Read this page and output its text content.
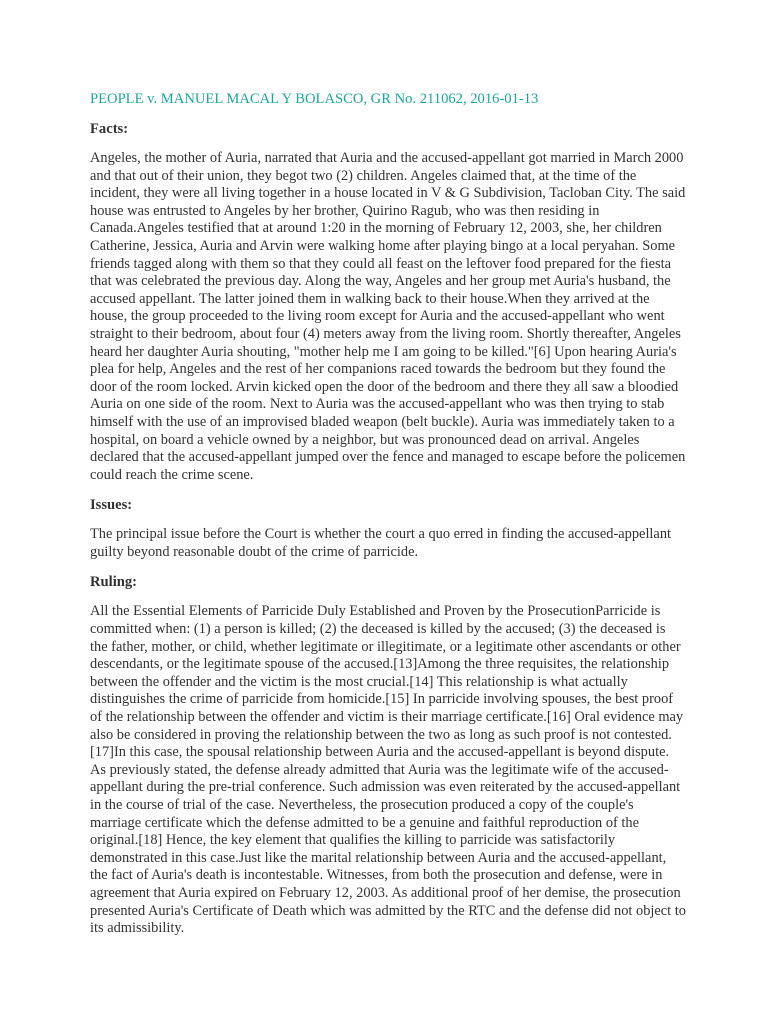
PEOPLE v. MANUEL MACAL Y BOLASCO, GR No. 211062, 2016-01-13
Facts:
Angeles, the mother of Auria, narrated that Auria and the accused-appellant got married in March 2000 and that out of their union, they begot two (2) children. Angeles claimed that, at the time of the incident, they were all living together in a house located in V & G Subdivision, Tacloban City. The said house was entrusted to Angeles by her brother, Quirino Ragub, who was then residing in Canada.Angeles testified that at around 1:20 in the morning of February 12, 2003, she, her children Catherine, Jessica, Auria and Arvin were walking home after playing bingo at a local peryahan. Some friends tagged along with them so that they could all feast on the leftover food prepared for the fiesta that was celebrated the previous day. Along the way, Angeles and her group met Auria's husband, the accused appellant. The latter joined them in walking back to their house.When they arrived at the house, the group proceeded to the living room except for Auria and the accused-appellant who went straight to their bedroom, about four (4) meters away from the living room. Shortly thereafter, Angeles heard her daughter Auria shouting, "mother help me I am going to be killed."[6] Upon hearing Auria's plea for help, Angeles and the rest of her companions raced towards the bedroom but they found the door of the room locked. Arvin kicked open the door of the bedroom and there they all saw a bloodied Auria on one side of the room. Next to Auria was the accused-appellant who was then trying to stab himself with the use of an improvised bladed weapon (belt buckle). Auria was immediately taken to a hospital, on board a vehicle owned by a neighbor, but was pronounced dead on arrival. Angeles declared that the accused-appellant jumped over the fence and managed to escape before the policemen could reach the crime scene.
Issues:
The principal issue before the Court is whether the court a quo erred in finding the accused-appellant guilty beyond reasonable doubt of the crime of parricide.
Ruling:
All the Essential Elements of Parricide Duly Established and Proven by the ProsecutionParricide is committed when: (1) a person is killed; (2) the deceased is killed by the accused; (3) the deceased is the father, mother, or child, whether legitimate or illegitimate, or a legitimate other ascendants or other descendants, or the legitimate spouse of the accused.[13]Among the three requisites, the relationship between the offender and the victim is the most crucial.[14] This relationship is what actually distinguishes the crime of parricide from homicide.[15] In parricide involving spouses, the best proof of the relationship between the offender and victim is their marriage certificate.[16] Oral evidence may also be considered in proving the relationship between the two as long as such proof is not contested.[17]In this case, the spousal relationship between Auria and the accused-appellant is beyond dispute. As previously stated, the defense already admitted that Auria was the legitimate wife of the accused-appellant during the pre-trial conference. Such admission was even reiterated by the accused-appellant in the course of trial of the case. Nevertheless, the prosecution produced a copy of the couple's marriage certificate which the defense admitted to be a genuine and faithful reproduction of the original.[18] Hence, the key element that qualifies the killing to parricide was satisfactorily demonstrated in this case.Just like the marital relationship between Auria and the accused-appellant, the fact of Auria's death is incontestable. Witnesses, from both the prosecution and defense, were in agreement that Auria expired on February 12, 2003. As additional proof of her demise, the prosecution presented Auria's Certificate of Death which was admitted by the RTC and the defense did not object to its admissibility.
